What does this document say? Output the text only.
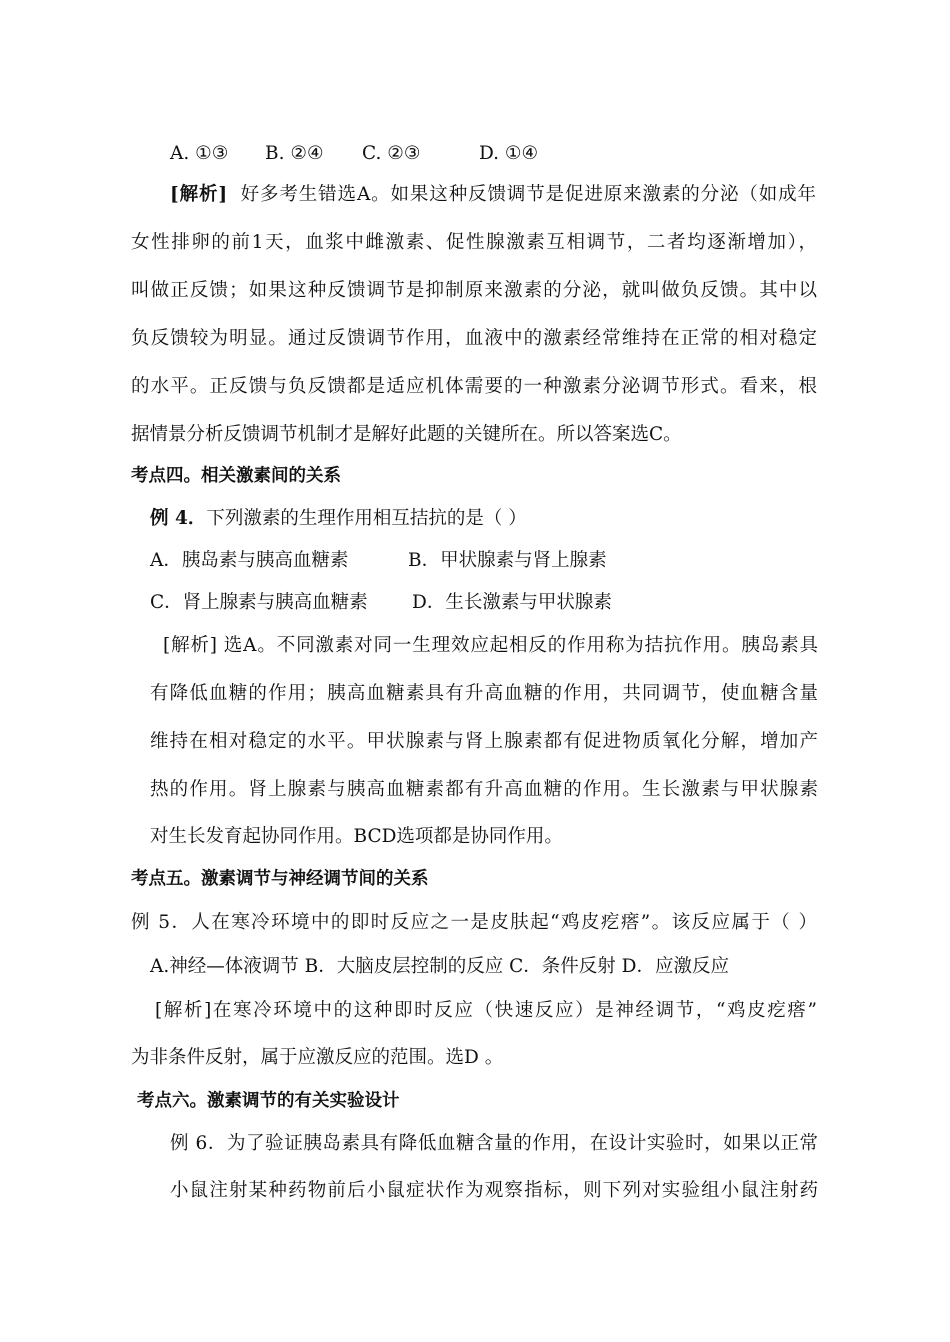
A. ①③ B. ②④ C. ②③	D. ①④
[解析] 好多考生错选A。如果这种反馈调节是促进原来激素的分泌（如成年
女性排卵的前1天，血浆中雌激素、促性腺激素互相调节，二者均逐渐增加），
叫做正反馈；如果这种反馈调节是抑制原来激素的分泌，就叫做负反馈。其中以
负反馈较为明显。通过反馈调节作用，血液中的激素经常维持在正常的相对稳定
的水平。正反馈与负反馈都是适应机体需要的一种激素分泌调节形式。看来，根
据情景分析反馈调节机制才是解好此题的关键所在。所以答案选C。
考点四。相关激素间的关系
例 4．下列激素的生理作用相互拮抗的是（ ）
A．胰岛素与胰高血糖素	B．甲状腺素与肾上腺素
C．肾上腺素与胰高血糖素 D．生长激素与甲状腺素
[解析] 选A。不同激素对同一生理效应起相反的作用称为拮抗作用。胰岛素具
有降低血糖的作用；胰高血糖素具有升高血糖的作用，共同调节，使血糖含量
维持在相对稳定的水平。甲状腺素与肾上腺素都有促进物质氧化分解，增加产
热的作用。肾上腺素与胰高血糖素都有升高血糖的作用。生长激素与甲状腺素
对生长发育起协同作用。BCD选项都是协同作用。
考点五。激素调节与神经调节间的关系
例 5．人在寒冷环境中的即时反应之一是皮肤起“鸡皮疙瘩”。该反应属于（ ）
A.神经—体液调节 B．大脑皮层控制的反应 C．条件反射 D．应激反应
[解析]在寒冷环境中的这种即时反应（快速反应）是神经调节，“鸡皮疙瘩”
为非条件反射，属于应激反应的范围。选D 。
考点六。激素调节的有关实验设计
例 6．为了验证胰岛素具有降低血糖含量的作用，在设计实验时，如果以正常
小鼠注射某种药物前后小鼠症状作为观察指标，则下列对实验组小鼠注射药
